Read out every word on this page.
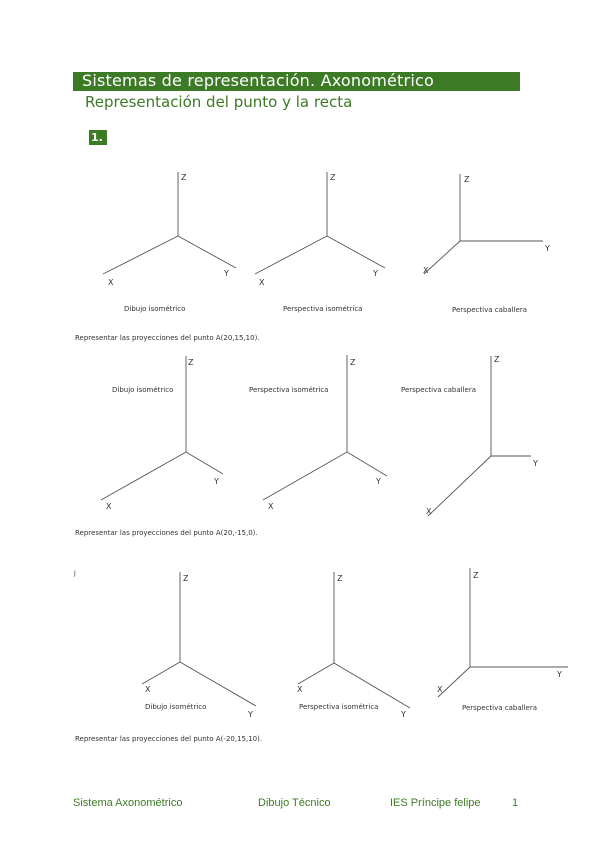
Sistemas de representación. Axonométrico
Representación del punto y la recta
1.
Z
X
Y
Z
X
Y
Z
Y
X
Z
Y
X
Z
Y
X
Z
Y
X
Z
X
Y
Z
X
Y
Z
Y
X
Dibujo isométrico	Perspectiva isométrica	Perspectiva caballera
Dibujo isométrico	Perspectiva isométrica	Perspectiva caballera
Dibujo isométrico	Perspectiva isométrica	Perspectiva caballera
Representar las proyecciones del punto A(20,15,10).
Representar las proyecciones del punto A(20,-15,0).
Representar las proyecciones del punto A(-20,15,10).
J
Sistema Axonométrico	Dibujo Técnico	IES Príncipe felipe	1
